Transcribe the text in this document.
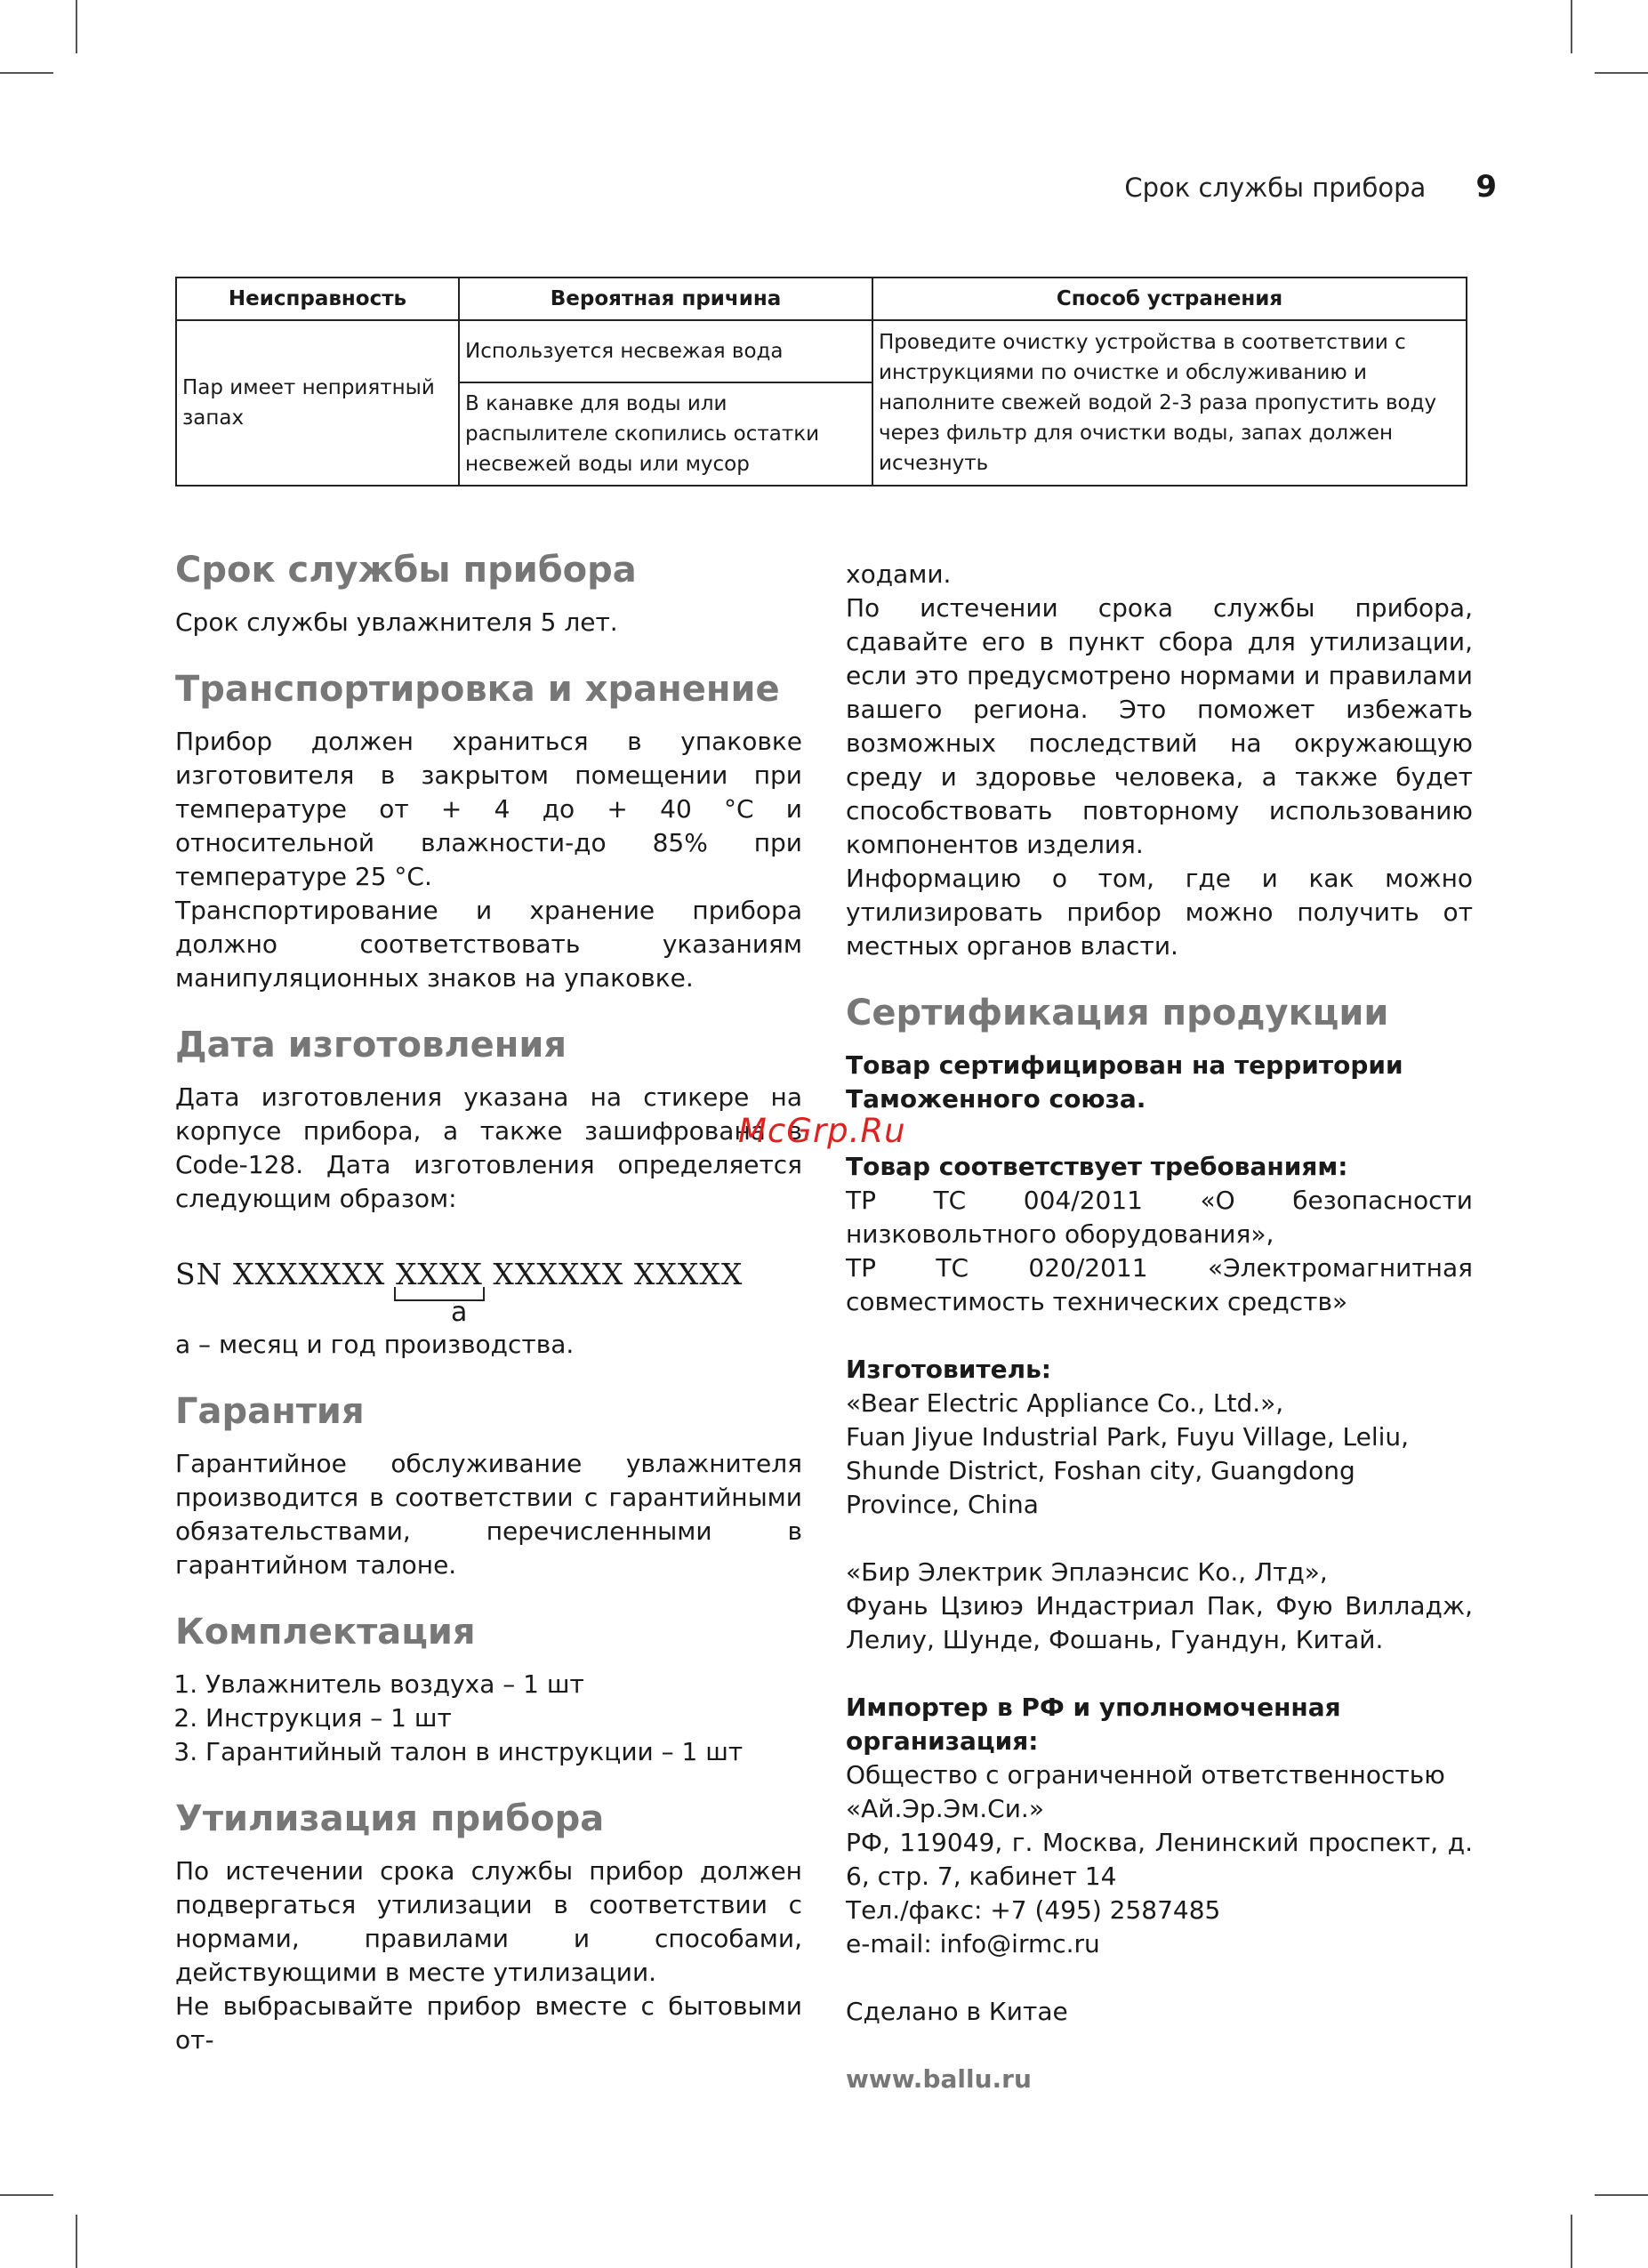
Срок службы прибора 9
Неисправность	Вероятная причина	Способ устранения
Пар имеет неприятный запах	Используется несвежая вода	Проведите очистку устройства в соответствии с инструкциями по очистке и обслуживанию и наполните свежей водой 2-3 раза пропустить воду через фильтр для очистки воды, запах должен исчезнуть
	В канавке для воды или распылителе скопились остатки несвежей воды или мусор	
Срок службы прибора

Срок службы увлажнителя 5 лет.

Транспортировка и хранение

Прибор должен храниться в упаковке изготовителя в закрытом помещении при температуре от + 4 до + 40 °С и относительной влажности-до 85% при температуре 25 °С.

Транспортирование и хранение прибора должно соответствовать указаниям манипуляционных знаков на упаковке.

Дата изготовления

Дата изготовления указана на стикере на корпусе прибора, а также зашифрована в Code-128. Дата изготовления определяется следующим образом:

SN XXXXXXX XXXX XXXXXX XXXXX
а

а – месяц и год производства.

Гарантия

Гарантийное обслуживание увлажнителя производится в соответствии с гарантийными обязательствами, перечисленными в гарантийном талоне.

Комплектация
1. Увлажнитель воздуха – 1 шт
2. Инструкция – 1 шт
3. Гарантийный талон в инструкции – 1 шт
Утилизация прибора

По истечении срока службы прибор должен подвергаться утилизации в соответствии с нормами, правилами и способами, действующими в месте утилизации.

Не выбрасывайте прибор вместе с бытовыми от-

ходами.

По истечении срока службы прибора, сдавайте его в пункт сбора для утилизации, если это предусмотрено нормами и правилами вашего региона. Это поможет избежать возможных последствий на окружающую среду и здоровье человека, а также будет способствовать повторному использованию компонентов изделия.

Информацию о том, где и как можно утилизировать прибор можно получить от местных органов власти.

Сертификация продукции

Товар сертифицирован на территории Таможенного союза.

Товар соответствует требованиям:

ТР ТС 004/2011 «О безопасности низковольтного оборудования»,

ТР ТС 020/2011 «Электромагнитная совместимость технических средств»

Изготовитель:

«Bear Electric Appliance Co., Ltd.»,

Fuan Jiyue Industrial Park, Fuyu Village, Leliu, Shunde District, Foshan city, Guangdong Province, China

«Бир Электрик Эплаэнсис Ко., Лтд»,

Фуань Цзиюэ Индастриал Пак, Фую Вилладж, Лелиу, Шунде, Фошань, Гуандун, Китай.

Импортер в РФ и уполномоченная организация:

Общество с ограниченной ответственностью «Ай.Эр.Эм.Си.»

РФ, 119049, г. Москва, Ленинский проспект, д. 6, стр. 7, кабинет 14

Тел./факс: +7 (495) 2587485

e-mail: info@irmc.ru

Сделано в Китае

www.ballu.ru

McGrp.Ru
